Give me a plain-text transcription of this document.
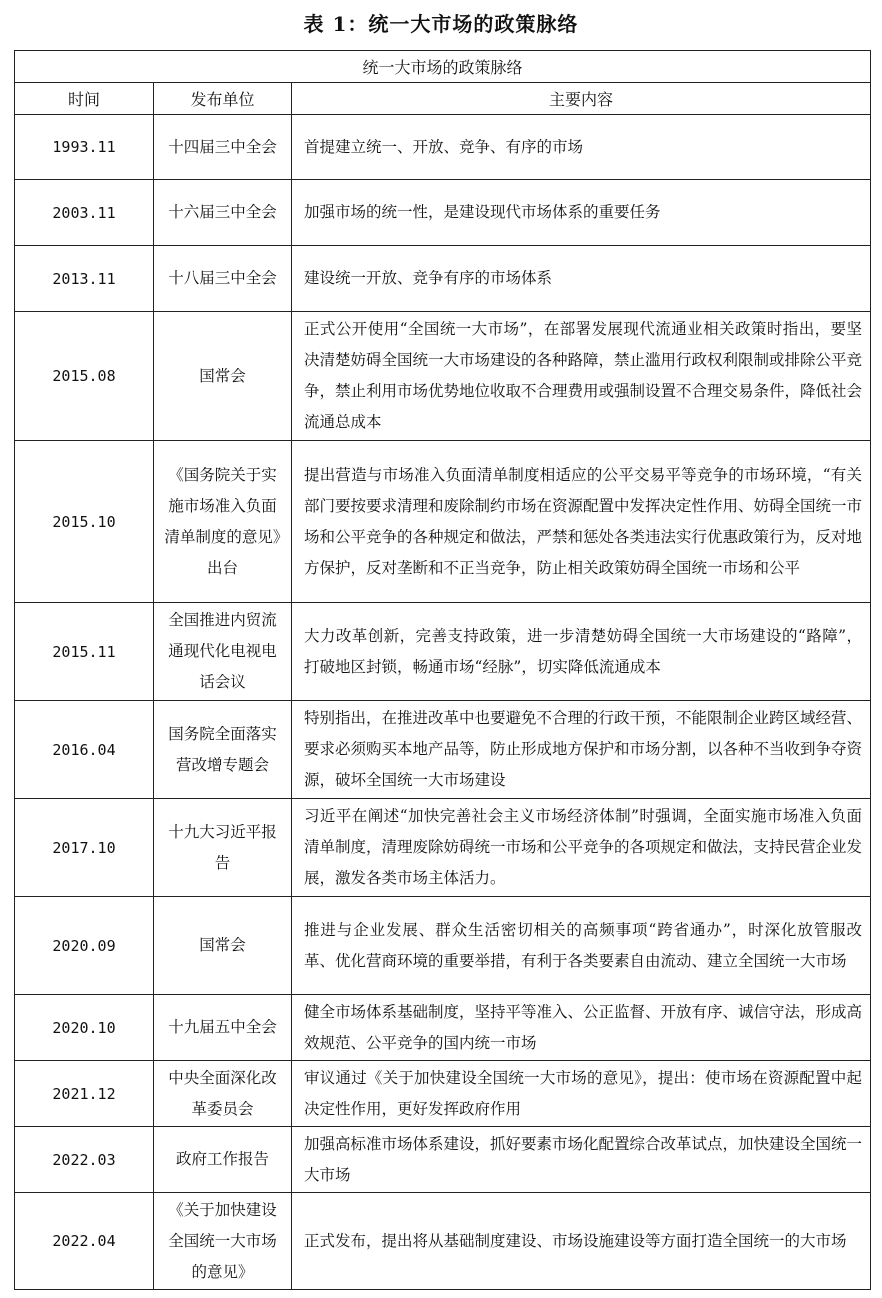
表 1：统一大市场的政策脉络
统一大市场的政策脉络		
时间	发布单位	主要内容
1993.11	十四届三中全会	首提建立统一、开放、竞争、有序的市场
2003.11	十六届三中全会	加强市场的统一性，是建设现代市场体系的重要任务
2013.11	十八届三中全会	建设统一开放、竞争有序的市场体系
2015.08	国常会	正式公开使用“全国统一大市场”，在部署发展现代流通业相关政策时指出，要坚决清楚妨碍全国统一大市场建设的各种路障，禁止滥用行政权利限制或排除公平竞争，禁止利用市场优势地位收取不合理费用或强制设置不合理交易条件，降低社会流通总成本
2015.10	《国务院关于实施市场准入负面清单制度的意见》出台	提出营造与市场准入负面清单制度相适应的公平交易平等竞争的市场环境，“有关部门要按要求清理和废除制约市场在资源配置中发挥决定性作用、妨碍全国统一市场和公平竞争的各种规定和做法，严禁和惩处各类违法实行优惠政策行为，反对地方保护，反对垄断和不正当竞争，防止相关政策妨碍全国统一市场和公平
2015.11	全国推进内贸流通现代化电视电话会议	大力改革创新，完善支持政策，进一步清楚妨碍全国统一大市场建设的“路障”，打破地区封锁，畅通市场“经脉”，切实降低流通成本
2016.04	国务院全面落实营改增专题会	特别指出，在推进改革中也要避免不合理的行政干预，不能限制企业跨区域经营、要求必须购买本地产品等，防止形成地方保护和市场分割，以各种不当收到争夺资源，破坏全国统一大市场建设
2017.10	十九大习近平报告	习近平在阐述“加快完善社会主义市场经济体制”时强调，全面实施市场准入负面清单制度，清理废除妨碍统一市场和公平竞争的各项规定和做法，支持民营企业发展，激发各类市场主体活力。
2020.09	国常会	推进与企业发展、群众生活密切相关的高频事项“跨省通办”，时深化放管服改革、优化营商环境的重要举措，有利于各类要素自由流动、建立全国统一大市场
2020.10	十九届五中全会	健全市场体系基础制度，坚持平等准入、公正监督、开放有序、诚信守法，形成高效规范、公平竞争的国内统一市场
2021.12	中央全面深化改革委员会	审议通过《关于加快建设全国统一大市场的意见》，提出：使市场在资源配置中起决定性作用，更好发挥政府作用
2022.03	政府工作报告	加强高标准市场体系建设，抓好要素市场化配置综合改革试点，加快建设全国统一大市场
2022.04	《关于加快建设全国统一大市场的意见》	正式发布，提出将从基础制度建设、市场设施建设等方面打造全国统一的大市场
